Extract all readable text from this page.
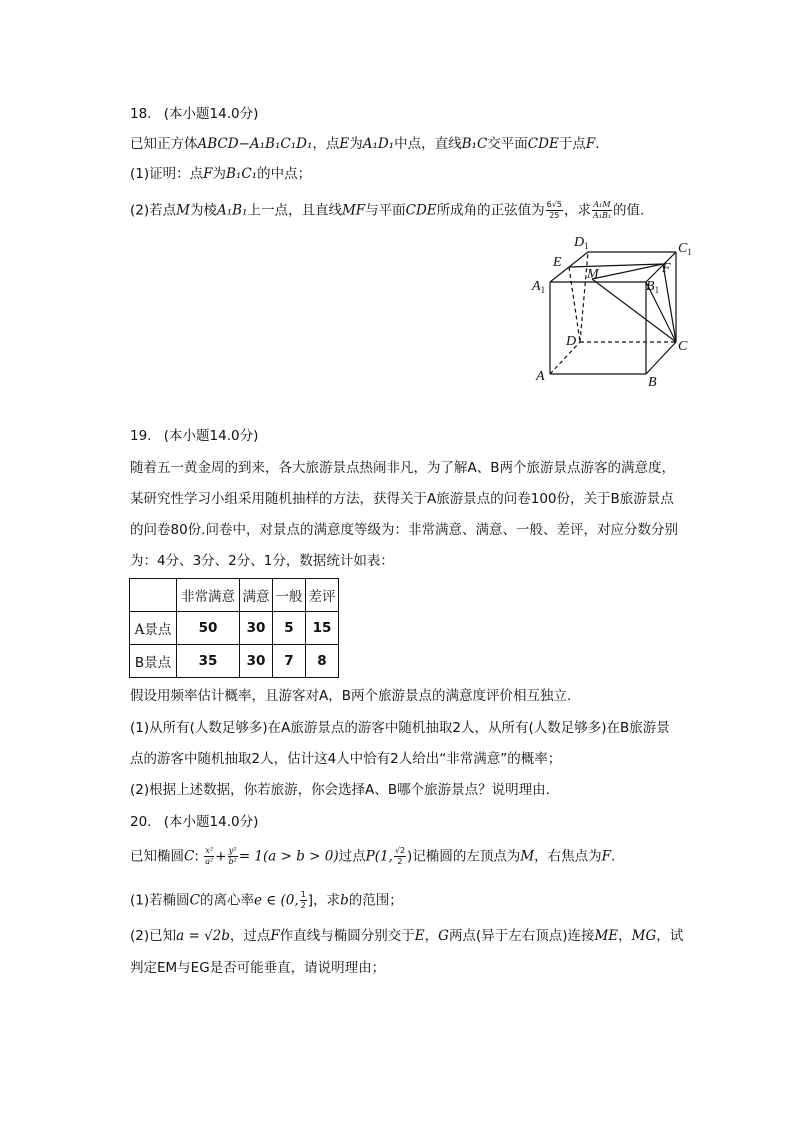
18. (本小题14.0分)
已知正方体ABCD−A₁B₁C₁D₁，点E为A₁D₁中点，直线B₁C交平面CDE于点F.
(1)证明：点F为B₁C₁的中点；
(2)若点M为棱A₁B₁上一点，且直线MF与平面CDE所成角的正弦值为 $\frac{6√5}{25}$ ，求 $\frac{\text{A₁M}}{\text{A₁B₁}}$ 的值.
$D_1$	$C_1$
E
M	F
$A_1$	$B_1$
D	C
A	B
19. (本小题14.0分)
随着五一黄金周的到来，各大旅游景点热闹非凡，为了解A、B两个旅游景点游客的满意度，
某研究性学习小组采用随机抽样的方法，获得关于A旅游景点的问卷100份，关于B旅游景点
的问卷80份.问卷中，对景点的满意度等级为：非常满意、满意、一般、差评，对应分数分别
为：4分、3分、2分、1分，数据统计如表：
	非常满意	满意	一般	差评
A景点	50	30	5	15
B景点	35	30	7	8
假设用频率估计概率，且游客对A，B两个旅游景点的满意度评价相互独立.
(1)从所有(人数足够多)在A旅游景点的游客中随机抽取2人，从所有(人数足够多)在B旅游景
点的游客中随机抽取2人，估计这4人中恰有2人给出“非常满意”的概率；
(2)根据上述数据，你若旅游，你会选择A、B哪个旅游景点？说明理由.
20. (本小题14.0分)
已知椭圆C: $\frac{\text{x²}}{\text{a²}} + \frac{\text{y²}}{\text{b²}} = 1(a > b > 0)$过点P(1, $\frac{√2}{2}$ )记椭圆的左顶点为M，右焦点为F.
(1)若椭圆C的离心率e ∈ (0, $\frac{1}{2}$ ]，求b的范围；
(2)已知a = √2b，过点F作直线与椭圆分别交于E，G两点(异于左右顶点)连接ME，MG，试
判定EM与EG是否可能垂直，请说明理由；
